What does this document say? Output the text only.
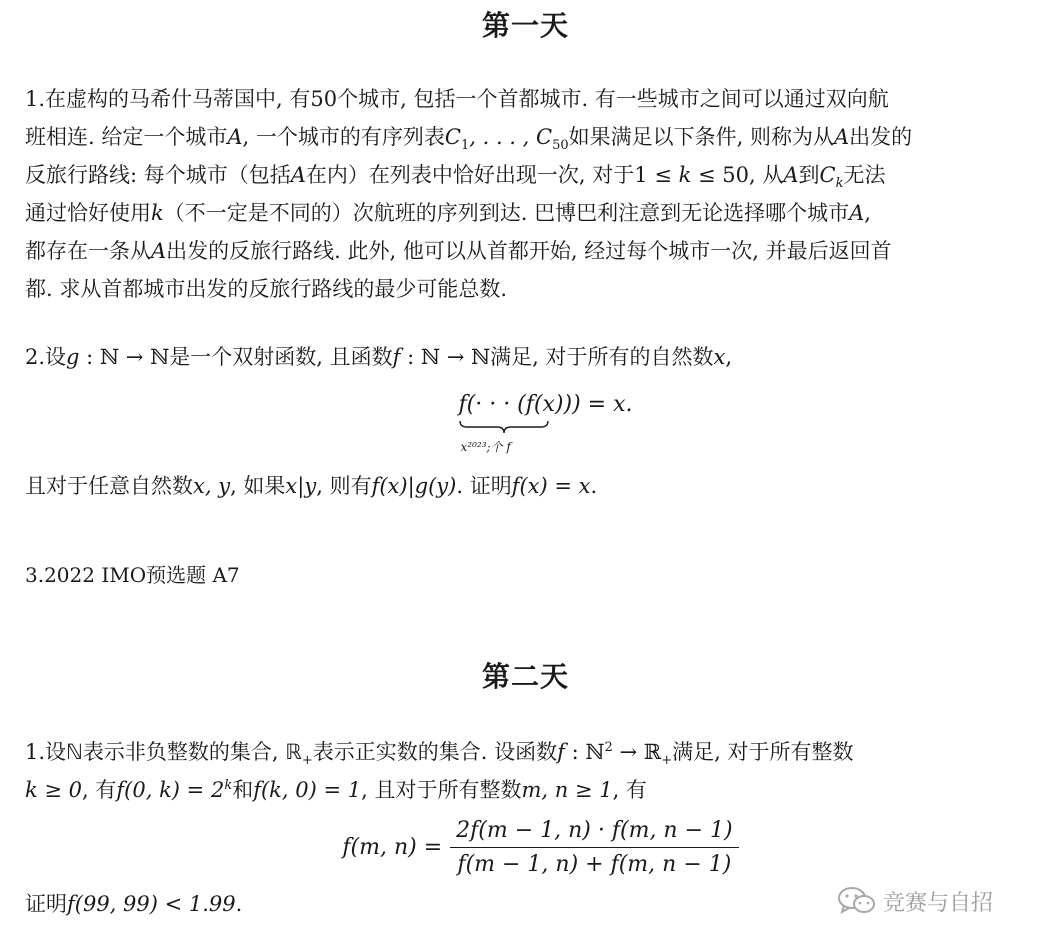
第一天
1.在虚构的马希什马蒂国中, 有50个城市, 包括一个首都城市. 有一些城市之间可以通过双向航
班相连. 给定一个城市A, 一个城市的有序列表$C_1$, . . . , $C_{50}$如果满足以下条件, 则称为从A出发的
反旅行路线: 每个城市（包括A在内）在列表中恰好出现一次, 对于1 ≤ k ≤ 50, 从A到$C_k$无法
通过恰好使用k（不一定是不同的）次航班的序列到达. 巴博巴利注意到无论选择哪个城市A,
都存在一条从A出发的反旅行路线. 此外, 他可以从首都开始, 经过每个城市一次, 并最后返回首
都. 求从首都城市出发的反旅行路线的最少可能总数.
2.设g : ℕ → ℕ是一个双射函数, 且函数f : ℕ → ℕ满足, 对于所有的自然数x,
f(· · · (f(x))) = x.
x²⁰²³;个 f
且对于任意自然数x, y, 如果x|y, 则有f(x)|g(y). 证明f(x) = x.
3.2022 IMO预选题 A7
第二天
1.设ℕ表示非负整数的集合, ℝ$_+$表示正实数的集合. 设函数f : ℕ$^2$ → ℝ$_+$满足, 对于所有整数
k ≥ 0, 有f(0, $k) = 2^k$和f(k, 0) = 1, 且对于所有整数m, n ≥ 1, 有
f(m, $n) = \frac{2f(m - 1, n) \cdot f(m, n - 1)}{f(m - 1, n) + f(m, n - 1)}$
证明f(99, 99) < 1.99.	竞赛与自招
